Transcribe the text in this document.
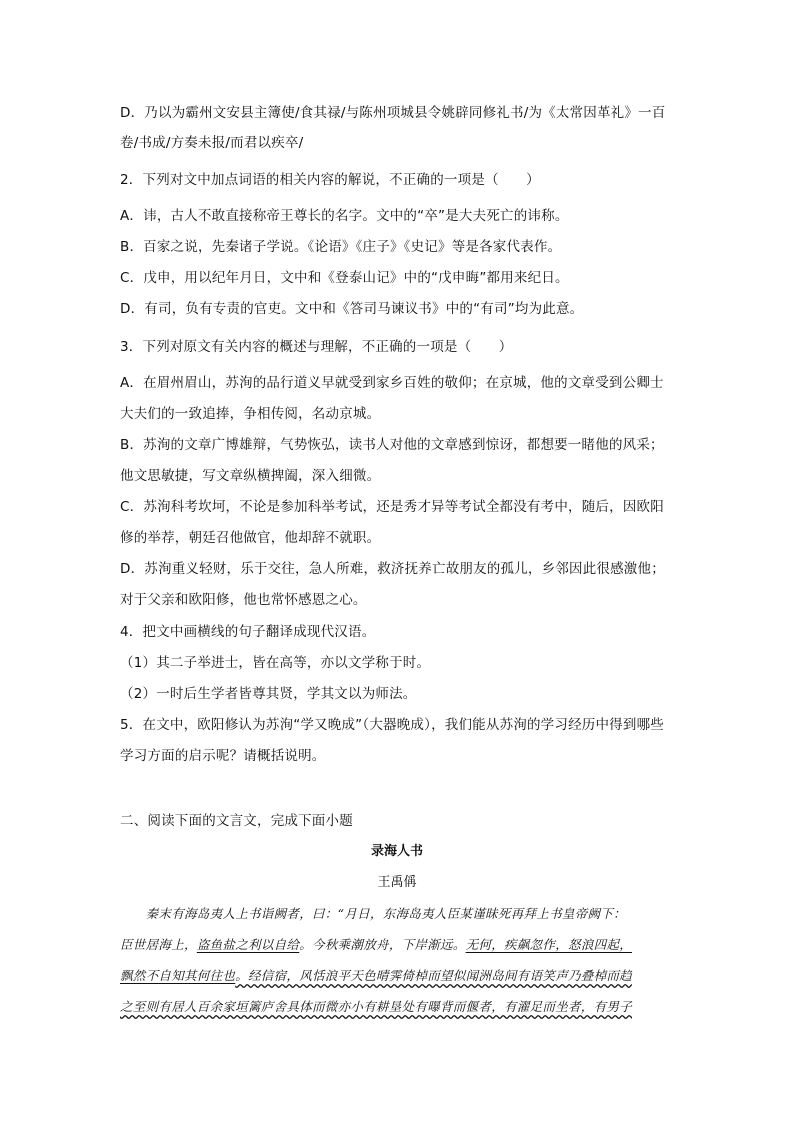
D．乃以为霸州文安县主簿使/食其禄/与陈州项城县令姚辟同修礼书/为《太常因革礼》一百
卷/书成/方奏未报/而君以疾卒/
2．下列对文中加点词语的相关内容的解说，不正确的一项是（　　）
A．讳，古人不敢直接称帝王尊长的名字。文中的“卒”是大夫死亡的讳称。
B．百家之说，先秦诸子学说。《论语》《庄子》《史记》等是各家代表作。
C．戊申，用以纪年月日，文中和《登泰山记》中的“戊申晦”都用来纪日。
D．有司，负有专责的官吏。文中和《答司马谏议书》中的“有司”均为此意。
3．下列对原文有关内容的概述与理解，不正确的一项是（　　）
A．在眉州眉山，苏洵的品行道义早就受到家乡百姓的敬仰；在京城，他的文章受到公卿士
大夫们的一致追捧，争相传阅，名动京城。
B．苏洵的文章广博雄辩，气势恢弘，读书人对他的文章感到惊讶，都想要一睹他的风采；
他文思敏捷，写文章纵横捭阖，深入细微。
C．苏洵科考坎坷，不论是参加科举考试，还是秀才异等考试全都没有考中，随后，因欧阳
修的举荐，朝廷召他做官，他却辞不就职。
D．苏洵重义轻财，乐于交往，急人所难，救济抚养亡故朋友的孤儿，乡邻因此很感激他；
对于父亲和欧阳修，他也常怀感恩之心。
4．把文中画横线的句子翻译成现代汉语。
（1）其二子举进士，皆在高等，亦以文学称于时。
（2）一时后生学者皆尊其贤，学其文以为师法。
5．在文中，欧阳修认为苏洵“学又晚成”（大器晚成），我们能从苏洵的学习经历中得到哪些
学习方面的启示呢？请概括说明。
二、阅读下面的文言文，完成下面小题
录海人书
王禹偁
　　秦末有海岛夷人上书诣阙者，曰：“月日，东海岛夷人臣某谨昧死再拜上书皇帝阙下：
臣世居海上，盗鱼盐之利以自给。今秋乘潮放舟，下岸渐远。无何，疾飙忽作，怒浪四起，
飘然不自知其何往也。经信宿，风恬浪平天色晴霁倚棹而望似闻洲岛间有语笑声乃叠棹而趋
之至则有居人百余家垣篱庐舍具体而微亦小有耕垦处有曝背而偃者，有濯足而坐者，有男子
